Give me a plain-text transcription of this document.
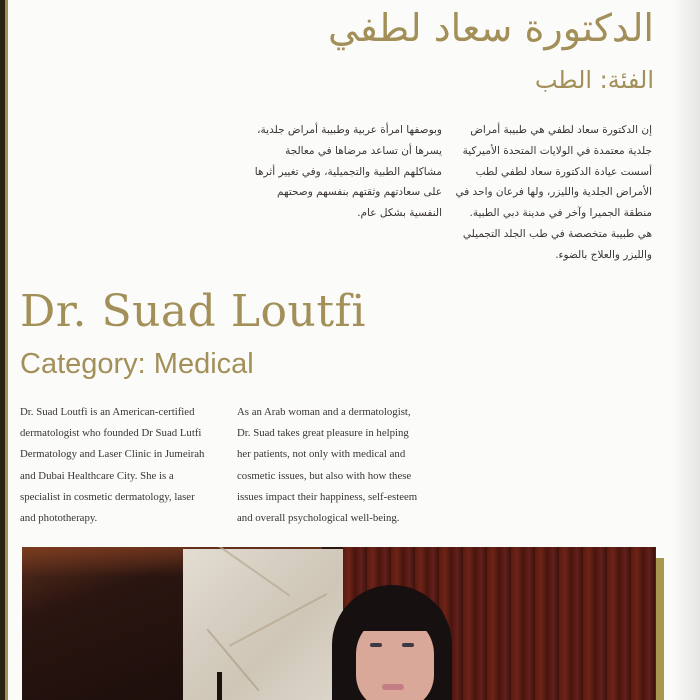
الدكتورة سعاد لطفي
الفئة: الطب
إن الدكتورة سعاد لطفي هي طبيبة أمراض
جلدية معتمدة في الولايات المتحدة الأميركية
أسست عيادة الدكتورة سعاد لطفي لطب
الأمراض الجلدية والليزر، ولها فرعان واحد في
منطقة الجميرا وآخر في مدينة دبي الطبية.
هي طبيبة متخصصة في طب الجلد التجميلي
والليزر والعلاج بالضوء.
وبوصفها امرأة عربية وطبيبة أمراض جلدية،
يسرها أن تساعد مرضاها في معالجة
مشاكلهم الطبية والتجميلية، وفي تغيير أثرها
على سعادتهم وثقتهم بنفسهم وصحتهم
النفسية بشكل عام.
Dr. Suad Loutfi
Category: Medical
Dr. Suad Loutfi is an American-certified
dermatologist who founded Dr Suad Lutfi
Dermatology and Laser Clinic in Jumeirah
and Dubai Healthcare City. She is a
specialist in cosmetic dermatology, laser
and phototherapy.
As an Arab woman and a dermatologist,
Dr. Suad takes great pleasure in helping
her patients, not only with medical and
cosmetic issues, but also with how these
issues impact their happiness, self-esteem
and overall psychological well-being.
